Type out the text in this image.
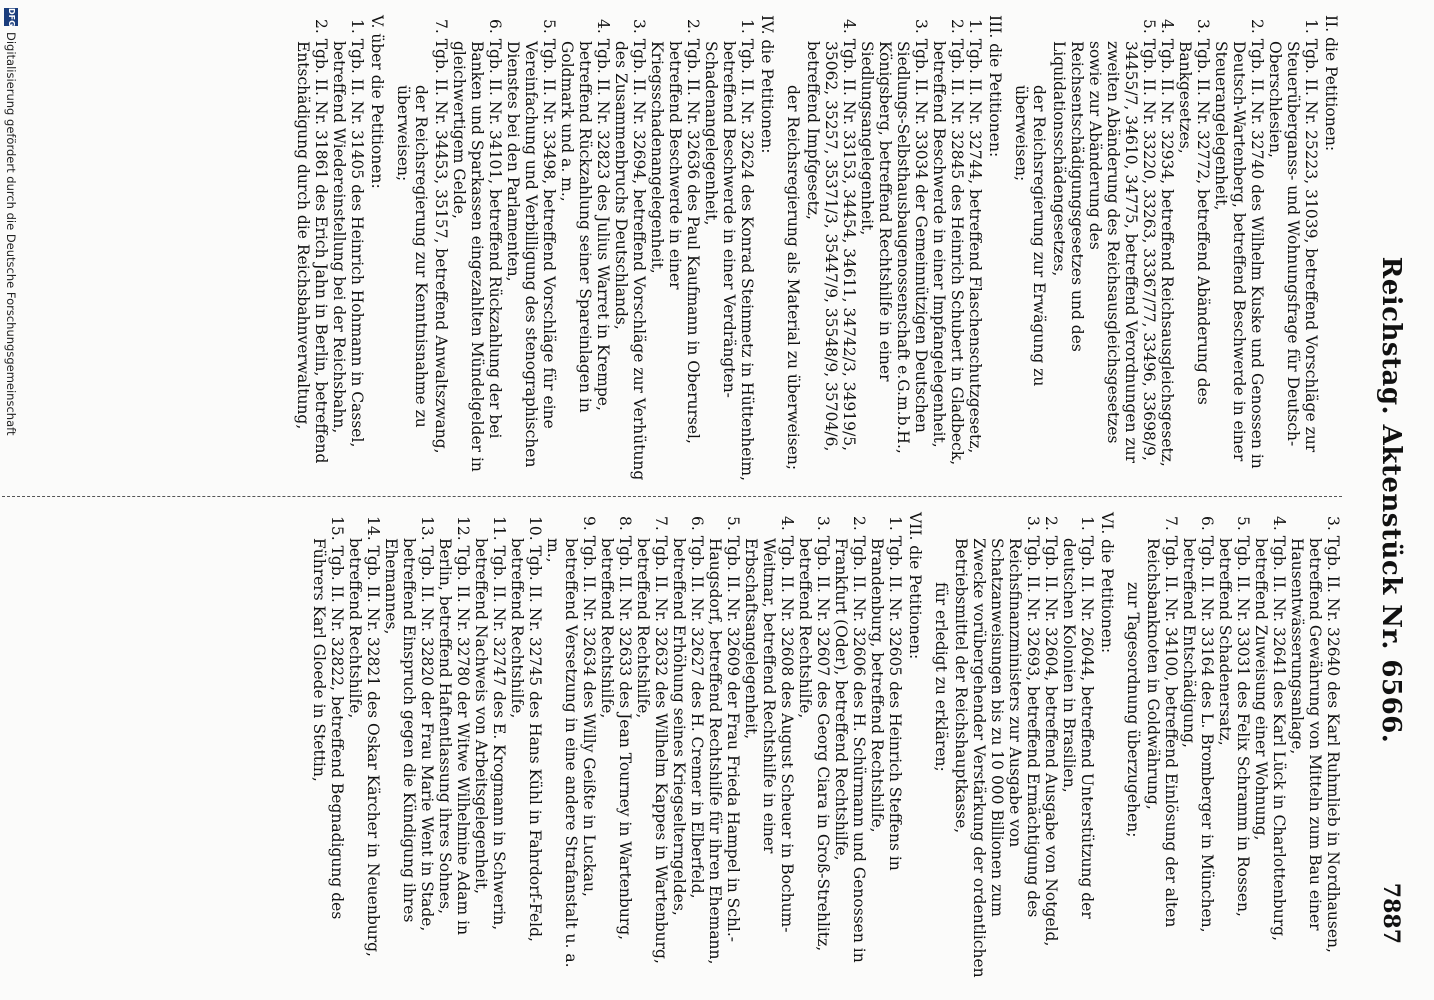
Reichstag. Aktenstück Nr. 6566.
7887

II. die Petitionen:

1. Tgb. II. Nr. 25223, 31039, betreffend Vorschläge zur Steuerüberganss- und Wohnungsfrage für Deutsch-Oberschlesien,

2. Tgb. II. Nr. 32740 des Wilhelm Kuske und Genossen in Deutsch-Wartenberg, betreffend Beschwerde in einer Steuerangelegenheit,

3. Tgb. II. Nr. 32772, betreffend Abänderung des Bankgesetzes,

4. Tgb. II. Nr. 32934, betreffend Reichsausgleichsgesetz,

5. Tgb. II. Nr. 33220, 33263, 33367/77, 33496, 33698/9, 34455/7, 34610, 34775, betreffend Verordnungen zur zweiten Abänderung des Reichsausgleichsgesetzes sowie zur Abänderung des Reichsentschädigungsgesetzes und des Liquidationsschädengesetzes,

der Reichsregierung zur Erwägung zu überweisen;

III. die Petitionen:

1. Tgb. II. Nr. 32744, betreffend Flaschenschutzgesetz,

2. Tgb. II. Nr. 32845 des Heinrich Schubert in Gladbeck, betreffend Beschwerde in einer Impfangelegenheit,

3. Tgb. II. Nr. 33034 der Gemeinnützigen Deutschen Siedlungs-Selbsthausbaugenossenschaft e.G.m.b.H., Königsberg, betreffend Rechtshilfe in einer Siedlungsangelegenheit,

4. Tgb. II. Nr. 33153, 34454, 34611, 34742/3, 34919/5, 35062, 35257, 35371/3, 35447/9, 35548/9, 35704/6, betreffend Impfgesetz,

der Reichsregierung als Material zu überweisen;

IV. die Petitionen:

1. Tgb. II. Nr. 32624 des Konrad Steinmetz in Hüttenheim, betreffend Beschwerde in einer Verdrängten-Schadenangelegenheit,

2. Tgb. II. Nr. 32636 des Paul Kaufmann in Oberursel, betreffend Beschwerde in einer Kriegsschadenangelegenheit,

3. Tgb. II. Nr. 32694, betreffend Vorschläge zur Verhütung des Zusammenbruchs Deutschlands,

4. Tgb. II. Nr. 32823 des Julius Warret in Krempe, betreffend Rückzahlung seiner Spareinlagen in Goldmark und a. m.,

5. Tgb. II. Nr. 33498, betreffend Vorschläge für eine Vereinfachung und Verbilligung des stenographischen Dienstes bei den Parlamenten,

6. Tgb. II. Nr. 34101, betreffend Rückzahlung der bei Banken und Sparkassen eingezahlten Mündelgelder in gleichwertigem Gelde,

7. Tgb. II. Nr. 34453, 35157, betreffend Anwaltszwang,

der Reichsregierung zur Kenntnisnahme zu überweisen;

V. über die Petitionen:

1. Tgb. II. Nr. 31405 des Heinrich Hohmann in Cassel, betreffend Wiedereinstellung bei der Reichsbahn,

2. Tgb. II. Nr. 31861 des Erich Jahn in Berlin, betreffend Entschädigung durch die Reichsbahnverwaltung,

3. Tgb. II. Nr. 32640 des Karl Ruhmlieb in Nordhausen, betreffend Gewährung von Mitteln zum Bau einer Hausentwässerungsanlage,

4. Tgb. II. Nr. 32641 des Karl Lück in Charlottenburg, betreffend Zuweisung einer Wohnung,

5. Tgb. II. Nr. 33031 des Felix Schramm in Rossen, betreffend Schadenersatz,

6. Tgb. II. Nr. 33164 des L. Bromberger in München, betreffend Entschädigung,

7. Tgb. II. Nr. 34100, betreffend Einlösung der alten Reichsbanknoten in Goldwährung,

zur Tagesordnung überzugehen;

VI. die Petitionen:

1. Tgb. II. Nr. 26044, betreffend Unterstützung der deutschen Kolonien in Brasilien,

2. Tgb. II. Nr. 32604, betreffend Ausgabe von Notgeld,

3. Tgb. II. Nr. 32693, betreffend Ermächtigung des Reichsfinanzministers zur Ausgabe von Schatzanweisungen bis zu 10 000 Billionen zum Zwecke vorübergehender Verstärkung der ordentlichen Betriebsmittel der Reichshauptkasse,

für erledigt zu erklären;

VII. die Petitionen:

1. Tgb. II. Nr. 32605 des Heinrich Steffens in Brandenburg, betreffend Rechtshilfe,

2. Tgb. II. Nr. 32606 des H. Schürmann und Genossen in Frankfurt (Oder), betreffend Rechtshilfe,

3. Tgb. II. Nr. 32607 des Georg Ciara in Groß-Strehlitz, betreffend Rechtshilfe,

4. Tgb. II. Nr. 32608 des August Scheuer in Bochum-Weitmar, betreffend Rechtshilfe in einer Erbschaftsangelegenheit,

5. Tgb. II. Nr. 32609 der Frau Frieda Hampel in Schl.-Haugsdorf, betreffend Rechtshilfe für ihren Ehemann,

6. Tgb. II. Nr. 32627 des H. Cremer in Elberfeld, betreffend Erhöhung seines Kriegselterngeldes,

7. Tgb. II. Nr. 32632 des Wilhelm Kappes in Wartenburg, betreffend Rechtshilfe,

8. Tgb. II. Nr. 32633 des Jean Tourney in Wartenburg, betreffend Rechtshilfe,

9. Tgb. II. Nr. 32634 des Willy Geißte in Luckau, betreffend Versetzung in eine andere Strafanstalt u. a. m.,

10. Tgb. II. Nr. 32745 des Hans Kühl in Fahrdorf-Feld, betreffend Rechtshilfe,

11. Tgb. II. Nr. 32747 des E. Krogmann in Schwerin, betreffend Nachweis von Arbeitsgelegenheit,

12. Tgb. II. Nr. 32780 der Witwe Wilhelmine Adam in Berlin, betreffend Haftentlassung ihres Sohnes,

13. Tgb. II. Nr. 32820 der Frau Marie Went in Stade, betreffend Einspruch gegen die Kündigung ihres Ehemannes,

14. Tgb. II. Nr. 32821 des Oskar Kärcher in Neuenburg, betreffend Rechtshilfe,

15. Tgb. II. Nr. 32822, betreffend Begnadigung des Führers Karl Gloede in Stettin,

DFG
Digitalisierung gefördert durch die Deutsche Forschungsgemeinschaft
